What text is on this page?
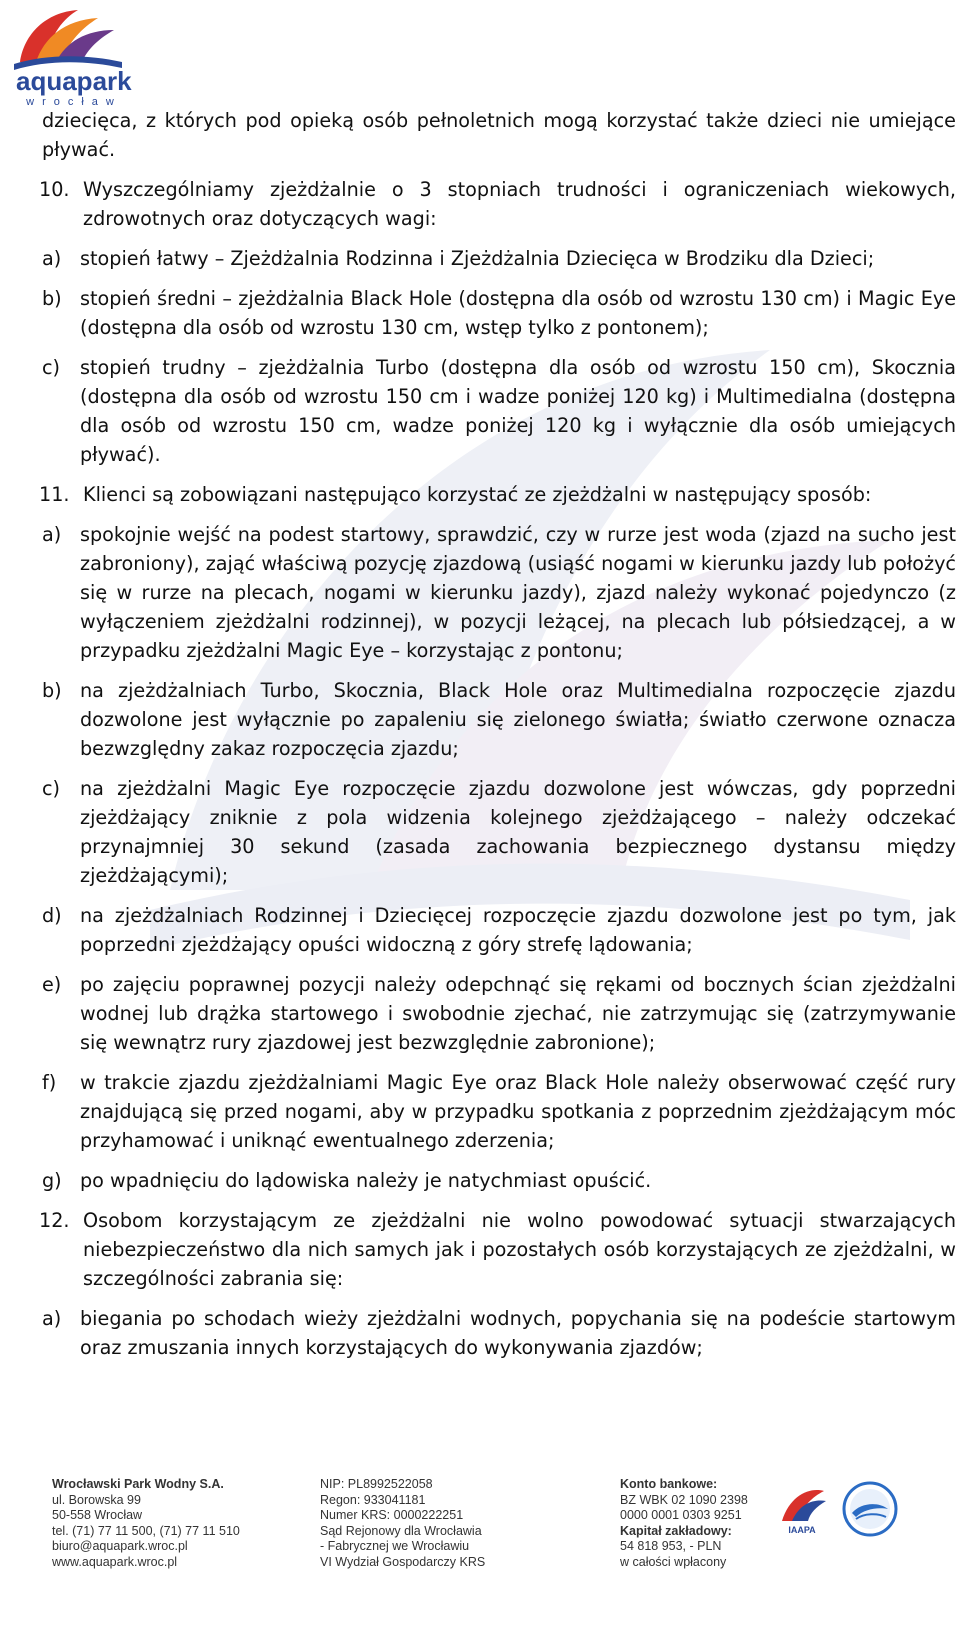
aquapark
wrocław

dziecięca, z których pod opieką osób pełnoletnich mogą korzystać także dzieci nie umiejące pływać.

10. Wyszczególniamy zjeżdżalnie o 3 stopniach trudności i ograniczeniach wiekowych, zdrowotnych oraz dotyczących wagi:
a) stopień łatwy – Zjeżdżalnia Rodzinna i Zjeżdżalnia Dziecięca w Brodziku dla Dzieci;
b) stopień średni – zjeżdżalnia Black Hole (dostępna dla osób od wzrostu 130 cm) i Magic Eye (dostępna dla osób od wzrostu 130 cm, wstęp tylko z pontonem);
c) stopień trudny – zjeżdżalnia Turbo (dostępna dla osób od wzrostu 150 cm), Skocznia (dostępna dla osób od wzrostu 150 cm i wadze poniżej 120 kg) i Multimedialna (dostępna dla osób od wzrostu 150 cm, wadze poniżej 120 kg i wyłącznie dla osób umiejących pływać).
11. Klienci są zobowiązani następująco korzystać ze zjeżdżalni w następujący sposób:
a) spokojnie wejść na podest startowy, sprawdzić, czy w rurze jest woda (zjazd na sucho jest zabroniony), zająć właściwą pozycję zjazdową (usiąść nogami w kierunku jazdy lub położyć się w rurze na plecach, nogami w kierunku jazdy), zjazd należy wykonać pojedynczo (z wyłączeniem zjeżdżalni rodzinnej), w pozycji leżącej, na plecach lub półsiedzącej, a w przypadku zjeżdżalni Magic Eye – korzystając z pontonu;
b) na zjeżdżalniach Turbo, Skocznia, Black Hole oraz Multimedialna rozpoczęcie zjazdu dozwolone jest wyłącznie po zapaleniu się zielonego światła; światło czerwone oznacza bezwzględny zakaz rozpoczęcia zjazdu;
c) na zjeżdżalni Magic Eye rozpoczęcie zjazdu dozwolone jest wówczas, gdy poprzedni zjeżdżający zniknie z pola widzenia kolejnego zjeżdżającego – należy odczekać przynajmniej 30 sekund (zasada zachowania bezpiecznego dystansu między zjeżdżającymi);
d) na zjeżdżalniach Rodzinnej i Dziecięcej rozpoczęcie zjazdu dozwolone jest po tym, jak poprzedni zjeżdżający opuści widoczną z góry strefę lądowania;
e) po zajęciu poprawnej pozycji należy odepchnąć się rękami od bocznych ścian zjeżdżalni wodnej lub drążka startowego i swobodnie zjechać, nie zatrzymując się (zatrzymywanie się wewnątrz rury zjazdowej jest bezwzględnie zabronione);
f) w trakcie zjazdu zjeżdżalniami Magic Eye oraz Black Hole należy obserwować część rury znajdującą się przed nogami, aby w przypadku spotkania z poprzednim zjeżdżającym móc przyhamować i uniknąć ewentualnego zderzenia;
g) po wpadnięciu do lądowiska należy je natychmiast opuścić.
12. Osobom korzystającym ze zjeżdżalni nie wolno powodować sytuacji stwarzających niebezpieczeństwo dla nich samych jak i pozostałych osób korzystających ze zjeżdżalni, w szczególności zabrania się:
a) biegania po schodach wieży zjeżdżalni wodnych, popychania się na podeście startowym oraz zmuszania innych korzystających do wykonywania zjazdów;
Wrocławski Park Wodny S.A.
ul. Borowska 99
50-558 Wrocław
tel. (71) 77 11 500, (71) 77 11 510
biuro@aquapark.wroc.pl
www.aquapark.wroc.pl
NIP: PL8992522058
Regon: 933041181
Numer KRS: 0000222251
Sąd Rejonowy dla Wrocławia
- Fabrycznej we Wrocławiu
VI Wydział Gospodarczy KRS
Konto bankowe:
BZ WBK 02 1090 2398
0000 0001 0303 9251
Kapitał zakładowy:
54 818 953, - PLN
w całości wpłacony
IAAPA
